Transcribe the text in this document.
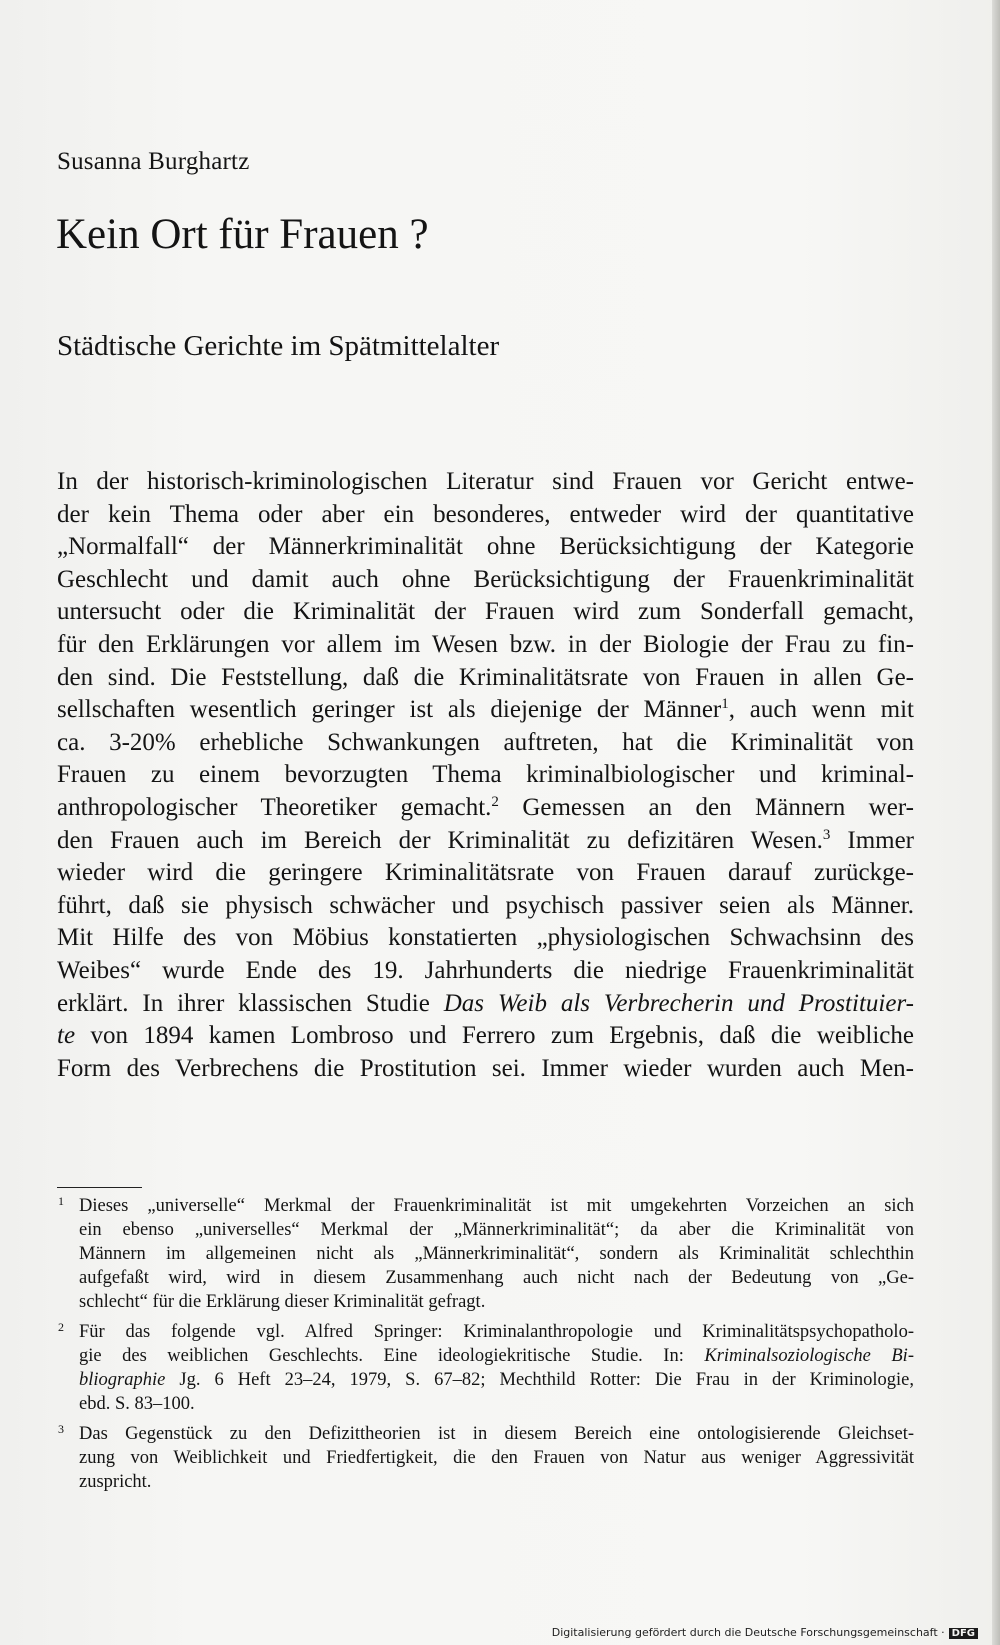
Susanna Burghartz
Kein Ort für Frauen ?
Städtische Gerichte im Spätmittelalter
In der historisch-kriminologischen Literatur sind Frauen vor Gericht entwe-
der kein Thema oder aber ein besonderes, entweder wird der quantitative
„Normalfall“ der Männerkriminalität ohne Berücksichtigung der Kategorie
Geschlecht und damit auch ohne Berücksichtigung der Frauenkriminalität
untersucht oder die Kriminalität der Frauen wird zum Sonderfall gemacht,
für den Erklärungen vor allem im Wesen bzw. in der Biologie der Frau zu fin-
den sind. Die Feststellung, daß die Kriminalitätsrate von Frauen in allen Ge-
sellschaften wesentlich geringer ist als diejenige der Männer$^1$, auch wenn mit
ca. 3-20% erhebliche Schwankungen auftreten, hat die Kriminalität von
Frauen zu einem bevorzugten Thema kriminalbiologischer und kriminal-
anthropologischer Theoretiker gemacht.$^2$ Gemessen an den Männern wer-
den Frauen auch im Bereich der Kriminalität zu defizitären Wesen.$^3$ Immer
wieder wird die geringere Kriminalitätsrate von Frauen darauf zurückge-
führt, daß sie physisch schwächer und psychisch passiver seien als Männer.
Mit Hilfe des von Möbius konstatierten „physiologischen Schwachsinn des
Weibes“ wurde Ende des 19. Jahrhunderts die niedrige Frauenkriminalität
erklärt. In ihrer klassischen Studie Das Weib als Verbrecherin und Prostituier-
te von 1894 kamen Lombroso und Ferrero zum Ergebnis, daß die weibliche
Form des Verbrechens die Prostitution sei. Immer wieder wurden auch Men-
1 Dieses „universelle“ Merkmal der Frauenkriminalität ist mit umgekehrten Vorzeichen an sich
ein ebenso „universelles“ Merkmal der „Männerkriminalität“; da aber die Kriminalität von
Männern im allgemeinen nicht als „Männerkriminalität“, sondern als Kriminalität schlechthin
aufgefaßt wird, wird in diesem Zusammenhang auch nicht nach der Bedeutung von „Ge-
schlecht“ für die Erklärung dieser Kriminalität gefragt.
2 Für das folgende vgl. Alfred Springer: Kriminalanthropologie und Kriminalitätspsychopatholo-
gie des weiblichen Geschlechts. Eine ideologiekritische Studie. In: Kriminalsoziologische Bi-
bliographie Jg. 6 Heft 23–24, 1979, S. 67–82; Mechthild Rotter: Die Frau in der Kriminologie,
ebd. S. 83–100.
3 Das Gegenstück zu den Defizittheorien ist in diesem Bereich eine ontologisierende Gleichset-
zung von Weiblichkeit und Friedfertigkeit, die den Frauen von Natur aus weniger Aggressivität
zuspricht.
Digitalisierung gefördert durch die Deutsche Forschungsgemeinschaft · DFG
